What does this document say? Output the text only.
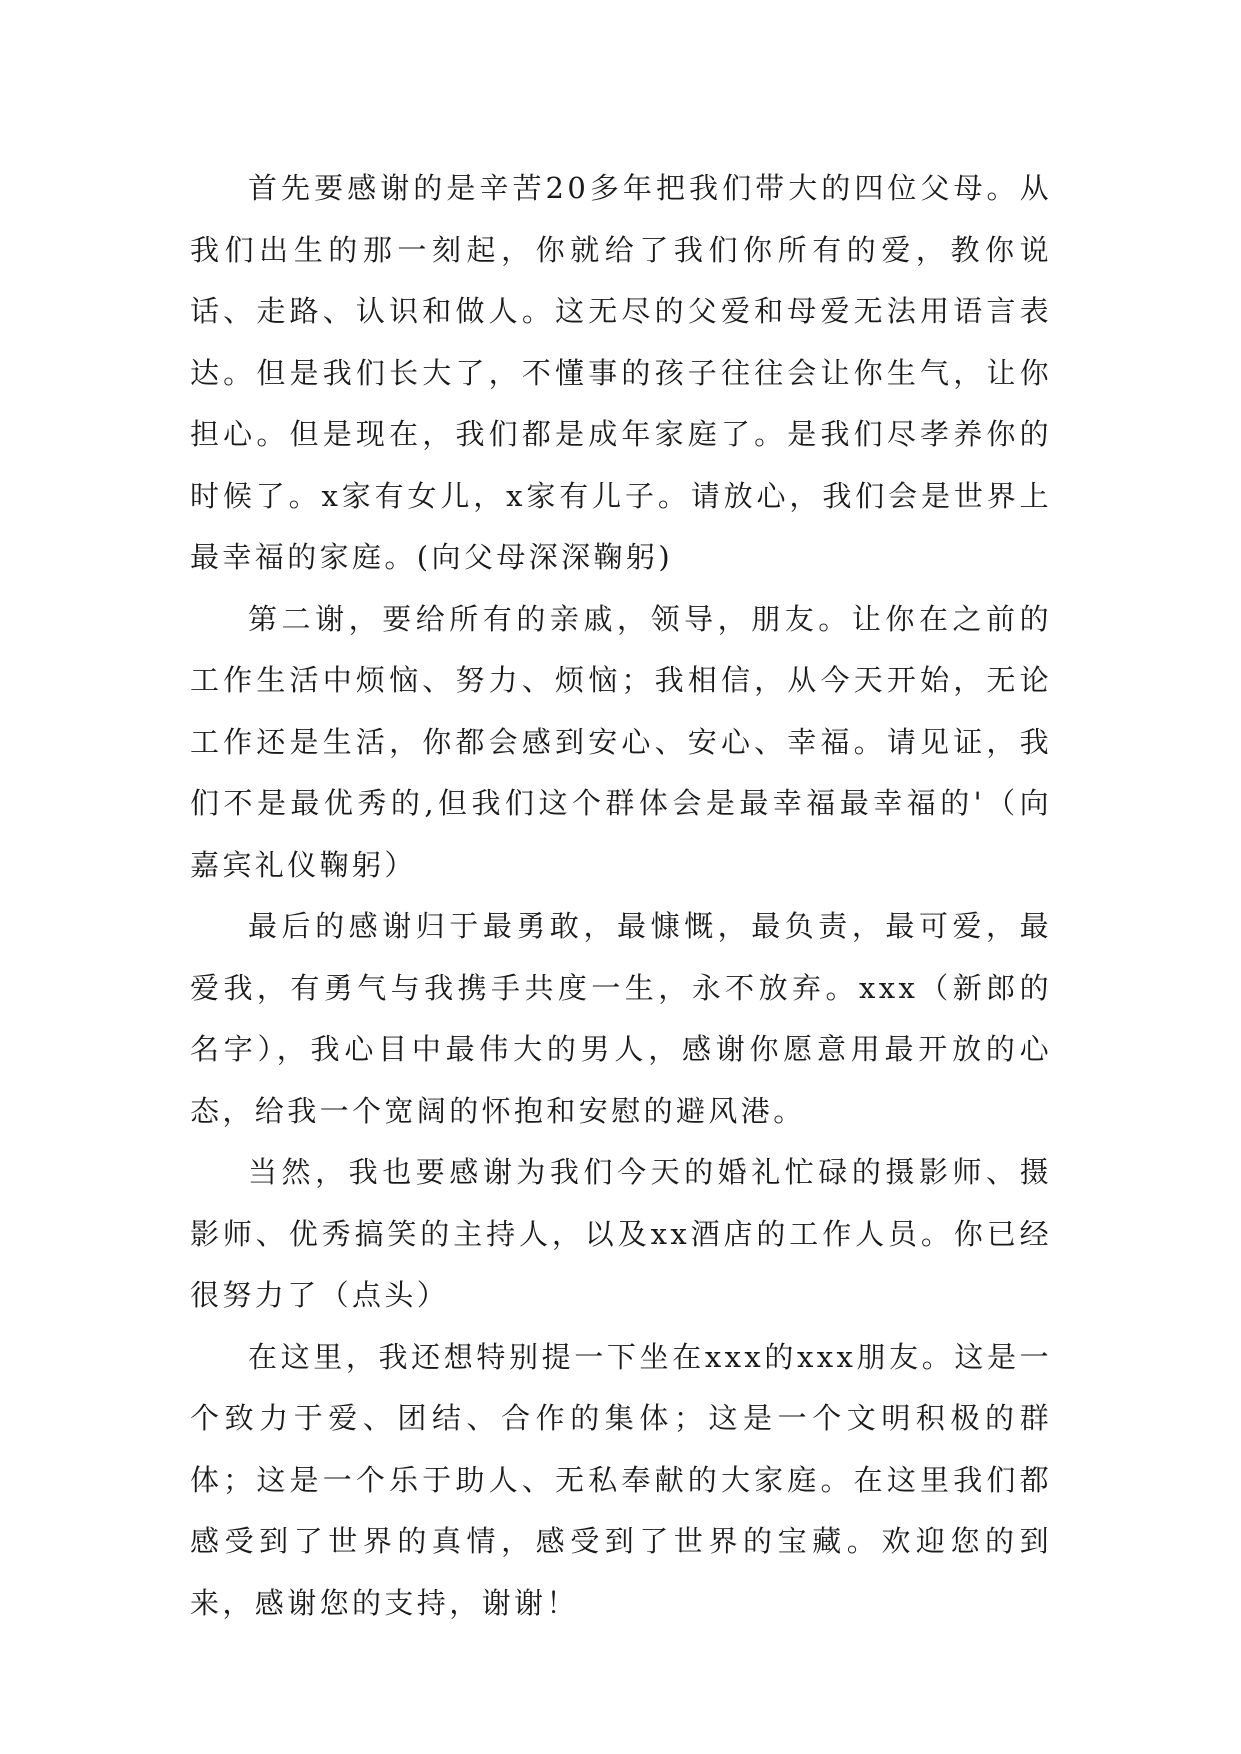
首先要感谢的是辛苦20多年把我们带大的四位父母。从我们出生的那一刻起，你就给了我们你所有的爱，教你说话、走路、认识和做人。这无尽的父爱和母爱无法用语言表达。但是我们长大了，不懂事的孩子往往会让你生气，让你担心。但是现在，我们都是成年家庭了。是我们尽孝养你的时候了。x家有女儿，x家有儿子。请放心，我们会是世界上最幸福的家庭。(向父母深深鞠躬)

第二谢，要给所有的亲戚，领导，朋友。让你在之前的工作生活中烦恼、努力、烦恼；我相信，从今天开始，无论工作还是生活，你都会感到安心、安心、幸福。请见证，我们不是最优秀的,但我们这个群体会是最幸福最幸福的'（向嘉宾礼仪鞠躬）

最后的感谢归于最勇敢，最慷慨，最负责，最可爱，最爱我，有勇气与我携手共度一生，永不放弃。xxx（新郎的名字），我心目中最伟大的男人，感谢你愿意用最开放的心态，给我一个宽阔的怀抱和安慰的避风港。

当然，我也要感谢为我们今天的婚礼忙碌的摄影师、摄影师、优秀搞笑的主持人，以及xx酒店的工作人员。你已经很努力了（点头）

在这里，我还想特别提一下坐在xxx的xxx朋友。这是一个致力于爱、团结、合作的集体；这是一个文明积极的群体；这是一个乐于助人、无私奉献的大家庭。在这里我们都感受到了世界的真情，感受到了世界的宝藏。欢迎您的到来，感谢您的支持，谢谢！
